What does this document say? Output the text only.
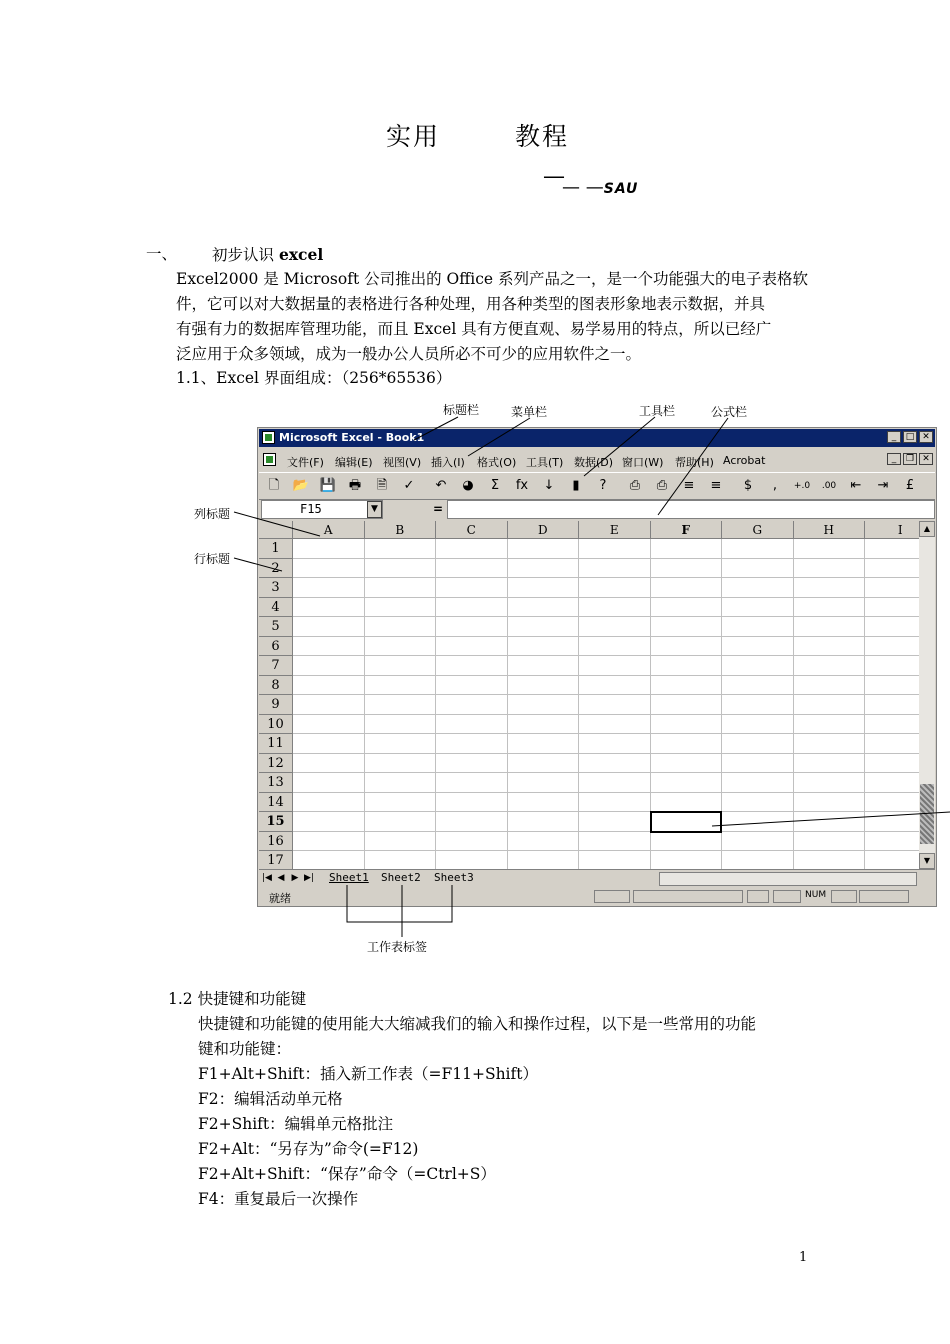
实用	教程
—
— —SAU
一、 初步认识 excel
Excel2000 是 Microsoft 公司推出的 Office 系列产品之一，是一个功能强大的电子表格软
件，它可以对大数据量的表格进行各种处理，用各种类型的图表形象地表示数据，并具
有强有力的数据库管理功能，而且 Excel 具有方便直观、易学易用的特点，所以已经广
泛应用于众多领域，成为一般办公人员所必不可少的应用软件之一。
1.1、Excel 界面组成：（256*65536）
标题栏	菜单栏	工具栏	公式栏
列标题
行标题
工作表标签
Microsoft Excel - Book1	_	□ ✕
文件(F) 编辑(E) 视图(V) 插入(I) 格式(O) 工具(T) 数据(D) 窗口(W) 帮助(H) Acrobat	_	❐ ✕
🗋 📂 💾 🖶 🗎 ✓ ↶ ◕	Σ	fx ↓	▮	?	⎙ ⎙ ≡ ≡	$	,	+.0 .00 ⇤ ⇥	£
F15	▼	=
A	B	C	D	E	F	G	H	I
1
2
3
4
5
6
7
8
9
10
11
12
13
14
15
16
17
▲
▼
|◀ ◀ ▶ ▶| Sheet1 Sheet2 Sheet3
就绪	NUM
1.2 快捷键和功能键
快捷键和功能键的使用能大大缩减我们的输入和操作过程，以下是一些常用的功能
键和功能键：
F1+Alt+Shift：插入新工作表（=F11+Shift）
F2：编辑活动单元格
F2+Shift：编辑单元格批注
F2+Alt：“另存为”命令(=F12)
F2+Alt+Shift：“保存”命令（=Ctrl+S）
F4：重复最后一次操作
1
